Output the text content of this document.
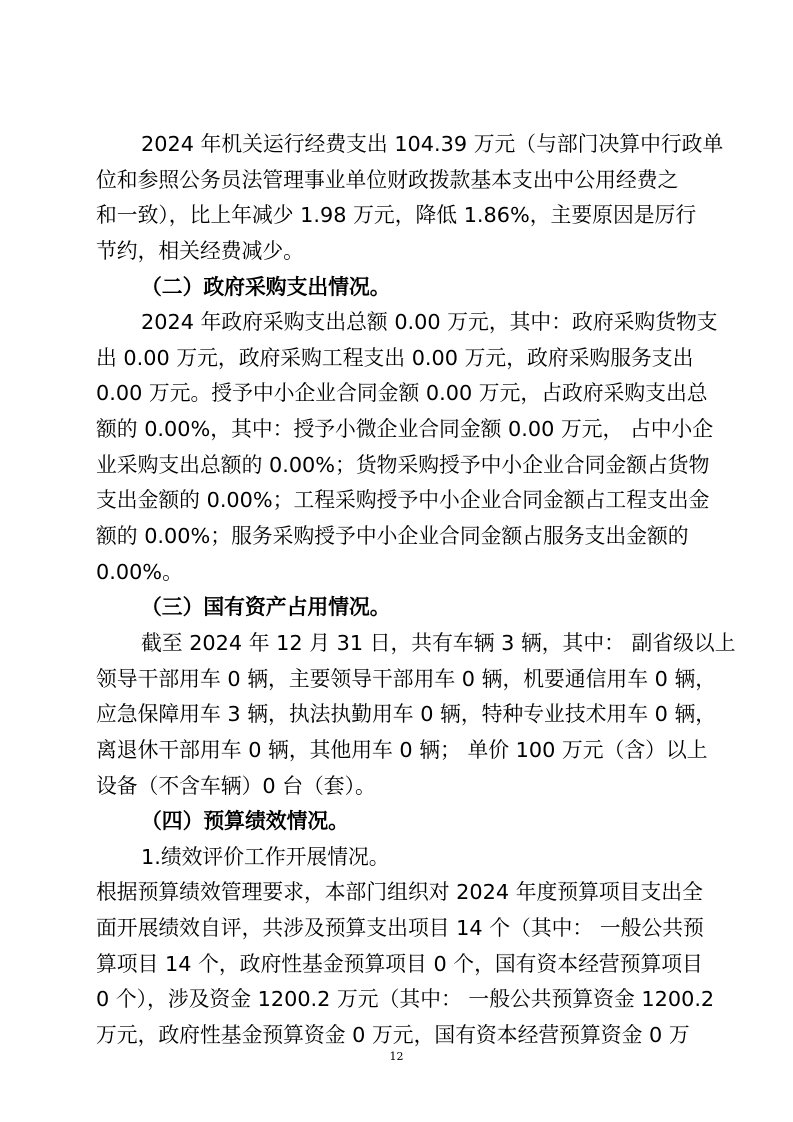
2024 年机关运行经费支出 104.39 万元（与部门决算中行政单
位和参照公务员法管理事业单位财政拨款基本支出中公用经费之
和一致），比上年减少 1.98 万元，降低 1.86%，主要原因是厉行
节约，相关经费减少。
（二）政府采购支出情况。
2024 年政府采购支出总额 0.00 万元，其中：政府采购货物支
出 0.00 万元，政府采购工程支出 0.00 万元，政府采购服务支出
0.00 万元。授予中小企业合同金额 0.00 万元，占政府采购支出总
额的 0.00%，其中：授予小微企业合同金额 0.00 万元， 占中小企
业采购支出总额的 0.00%；货物采购授予中小企业合同金额占货物
支出金额的 0.00%；工程采购授予中小企业合同金额占工程支出金
额的 0.00%；服务采购授予中小企业合同金额占服务支出金额的
0.00%。
（三）国有资产占用情况。
截至 2024 年 12 月 31 日，共有车辆 3 辆，其中： 副省级以上
领导干部用车 0 辆，主要领导干部用车 0 辆，机要通信用车 0 辆，
应急保障用车 3 辆，执法执勤用车 0 辆，特种专业技术用车 0 辆，
离退休干部用车 0 辆，其他用车 0 辆； 单价 100 万元（含）以上
设备（不含车辆）0 台（套）。
（四）预算绩效情况。
1.绩效评价工作开展情况。
根据预算绩效管理要求，本部门组织对 2024 年度预算项目支出全
面开展绩效自评，共涉及预算支出项目 14 个（其中： 一般公共预
算项目 14 个，政府性基金预算项目 0 个，国有资本经营预算项目
0 个），涉及资金 1200.2 万元（其中： 一般公共预算资金 1200.2
万元，政府性基金预算资金 0 万元，国有资本经营预算资金 0 万
12
